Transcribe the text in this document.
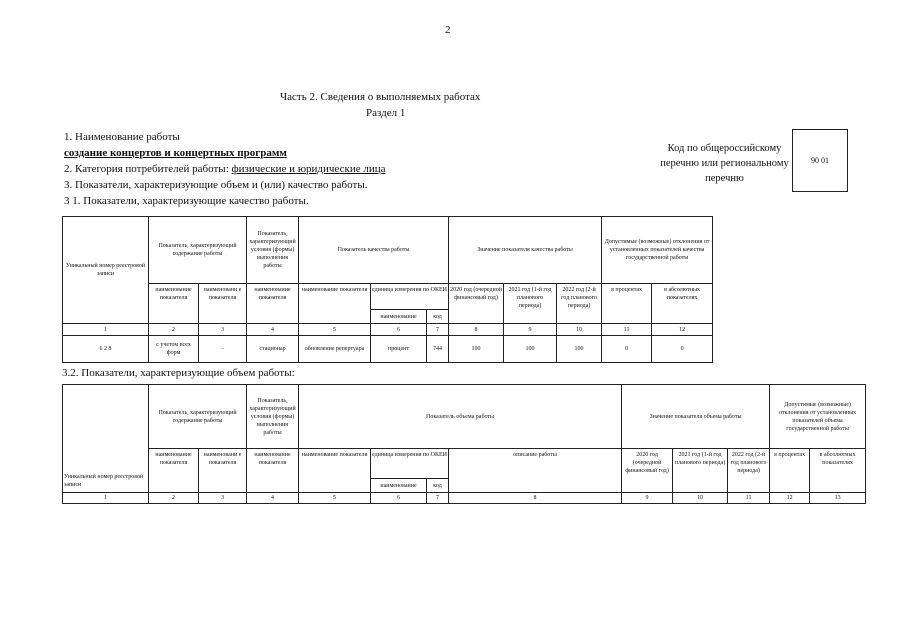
2
Часть 2. Сведения о выполняемых работах
Раздел 1
1. Наименование работы
создание концертов и концертных программ
2. Категория потребителей работы: физические и юридические лица
3. Показатели, характеризующие объем и (или) качество работы.
3 1. Показатели, характеризующие качество работы.
Код по общероссийскому перечню или региональному перечню
90 01
Уникальный номер реестровой записи	Показатель, характеризующий содержание работы		Показатель, характеризующий условия (формы) выполнения работы	Показатель качества работы			Значение показателя качества работы			Допустимые (возможные) отклонения от установленных показателей качества государственной работы	
	наименование показателя	наименовани е показателя	наименование показателя	наименование показателя	единица измерения по ОКЕИ		2020 год (очередной финансовый год)	2021 год (1-й год планового периода)	2022 год (2-й год планового периода)	в процентах	в абсолютных показателях
					наименование	код					
1	2	3	4	5	6	7	8	9	10	11	12
6 2 8	с учетом всех форм	-	стационар	обновление репертуара	процент	744	100	100	100	0	0
3.2. Показатели, характеризующие объем работы:
Уникальный номер реестровой записи	Показатель, характеризующий содержание работы		Показатель, характеризующий условия (формы) выполнения работы	Показатель объема работы				Значение показателя объема работы			Допустимые (возможные) отклонения от установленных показателей объема государственной работы	
	наименование показателя	наименовани е показателя	наименование показателя	наименование показателя	единица измерения по ОКЕИ		описание работы	2020 год (очередной финансовый год)	2021 год (1-й год планового периода)	2022 год (2-й год планового периода)	в процентах	в абсолютных показателях
					наименование	код						
1	2	3	4	5	6	7	8	9	10	11	12	13
